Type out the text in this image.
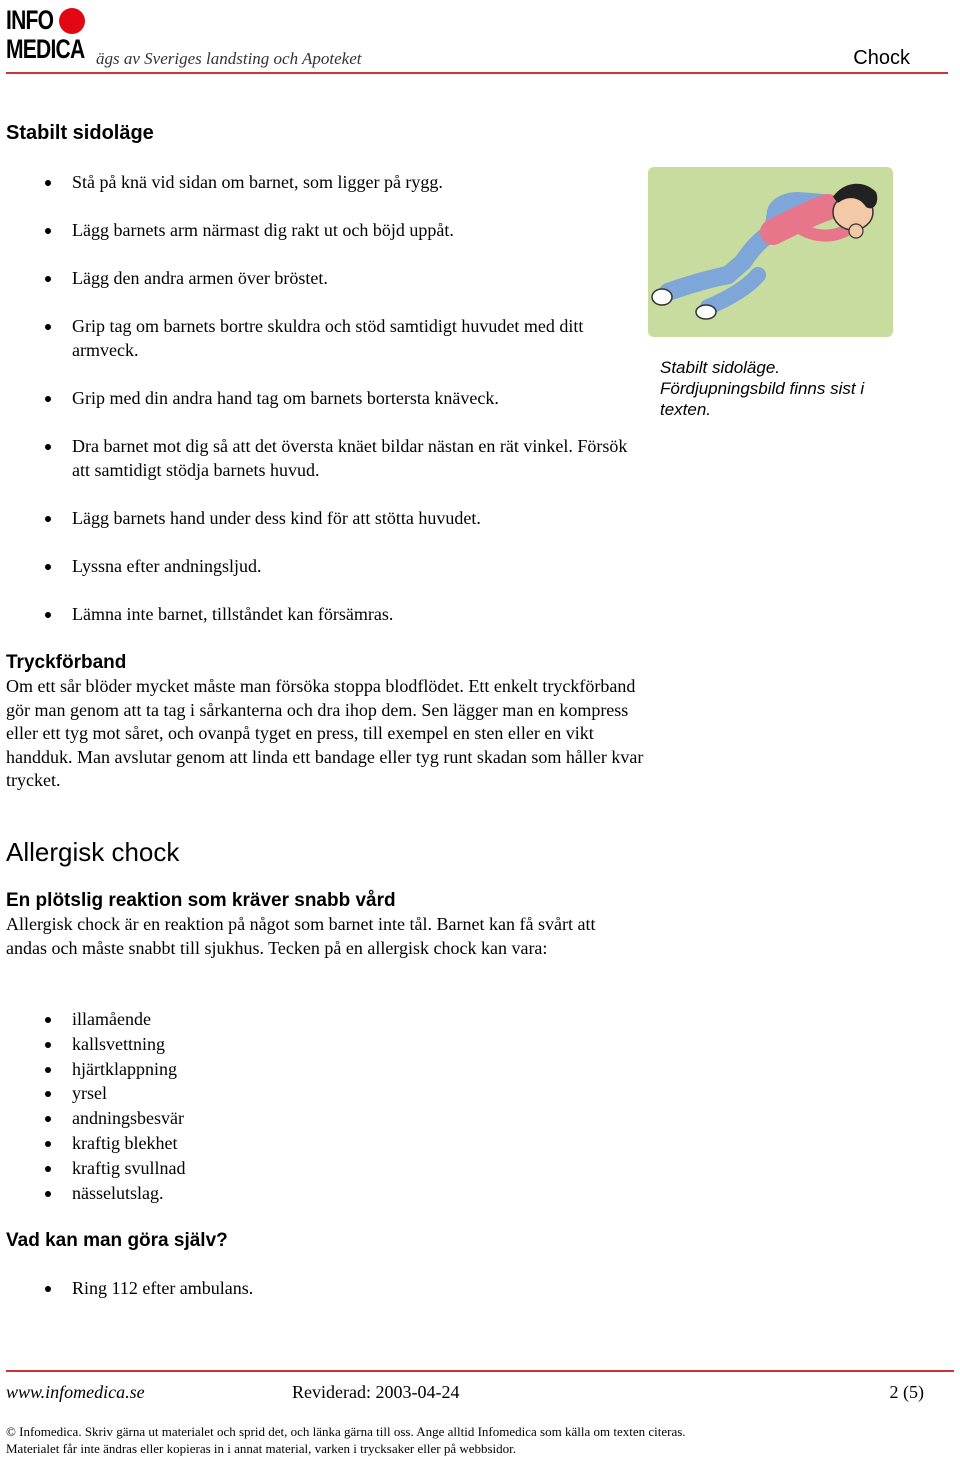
INFO
MEDICA ägs av Sveriges landsting och Apoteket	Chock
Stabilt sidoläge
Stå på knä vid sidan om barnet, som ligger på rygg.
Lägg barnets arm närmast dig rakt ut och böjd uppåt.
Lägg den andra armen över bröstet.
Grip tag om barnets bortre skuldra och stöd samtidigt huvudet med ditt armveck.
Grip med din andra hand tag om barnets bortersta knäveck.
Dra barnet mot dig så att det översta knäet bildar nästan en rät vinkel. Försök att samtidigt stödja barnets huvud.
Lägg barnets hand under dess kind för att stötta huvudet.
Lyssna efter andningsljud.
Lämna inte barnet, tillståndet kan försämras.
Stabilt sidoläge. Fördjupningsbild finns sist i texten.
Tryckförband
Om ett sår blöder mycket måste man försöka stoppa blodflödet. Ett enkelt tryckförband gör man genom att ta tag i sårkanterna och dra ihop dem. Sen lägger man en kompress eller ett tyg mot såret, och ovanpå tyget en press, till exempel en sten eller en vikt handduk. Man avslutar genom att linda ett bandage eller tyg runt skadan som håller kvar trycket.
Allergisk chock
En plötslig reaktion som kräver snabb vård
Allergisk chock är en reaktion på något som barnet inte tål. Barnet kan få svårt att andas och måste snabbt till sjukhus. Tecken på en allergisk chock kan vara:
illamående
kallsvettning
hjärtklappning
yrsel
andningsbesvär
kraftig blekhet
kraftig svullnad
nässelutslag.
Vad kan man göra själv?
Ring 112 efter ambulans.
www.infomedica.se	Reviderad: 2003-04-24	2 (5)
© Infomedica. Skriv gärna ut materialet och sprid det, och länka gärna till oss. Ange alltid Infomedica som källa om texten citeras.
Materialet får inte ändras eller kopieras in i annat material, varken i trycksaker eller på webbsidor.
